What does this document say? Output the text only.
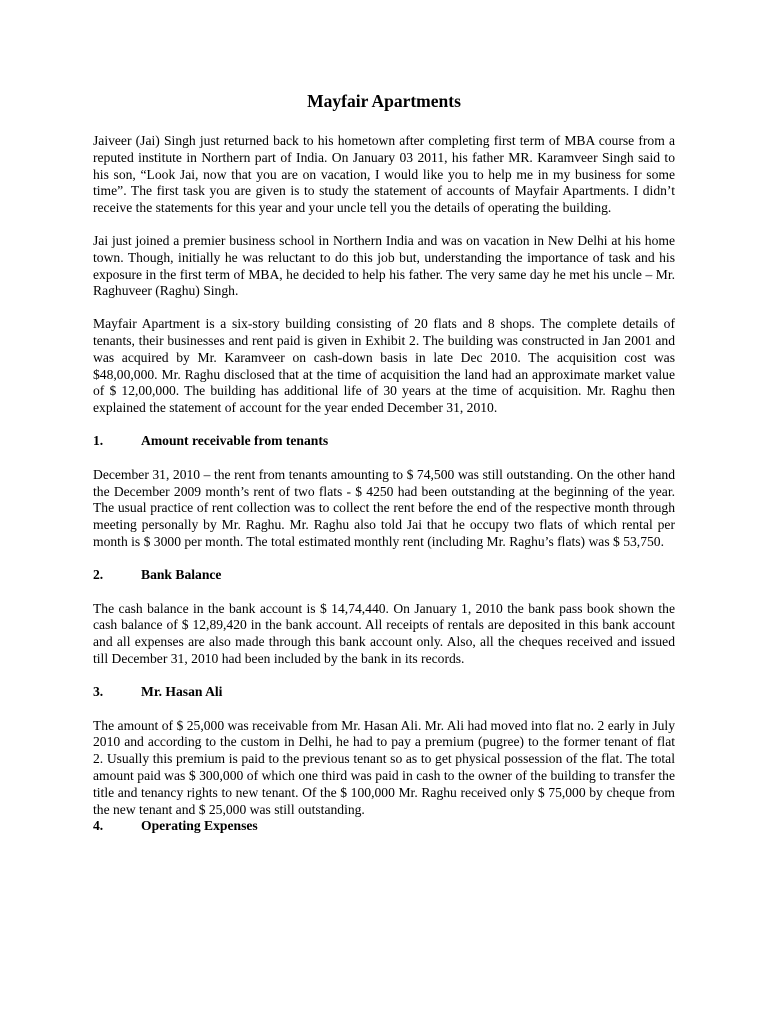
Mayfair Apartments

Jaiveer (Jai) Singh just returned back to his hometown after completing first term of MBA course from a reputed institute in Northern part of India. On January 03 2011, his father MR. Karamveer Singh said to his son, “Look Jai, now that you are on vacation, I would like you to help me in my business for some time”. The first task you are given is to study the statement of accounts of Mayfair Apartments. I didn’t receive the statements for this year and your uncle tell you the details of operating the building.

Jai just joined a premier business school in Northern India and was on vacation in New Delhi at his home town. Though, initially he was reluctant to do this job but, understanding the importance of task and his exposure in the first term of MBA, he decided to help his father. The very same day he met his uncle – Mr. Raghuveer (Raghu) Singh.

Mayfair Apartment is a six-story building consisting of 20 flats and 8 shops. The complete details of tenants, their businesses and rent paid is given in Exhibit 2. The building was constructed in Jan 2001 and was acquired by Mr. Karamveer on cash-down basis in late Dec 2010. The acquisition cost was $48,00,000. Mr. Raghu disclosed that at the time of acquisition the land had an approximate market value of $ 12,00,000. The building has additional life of 30 years at the time of acquisition. Mr. Raghu then explained the statement of account for the year ended December 31, 2010.

1.	Amount receivable from tenants

December 31, 2010 – the rent from tenants amounting to $ 74,500 was still outstanding. On the other hand the December 2009 month’s rent of two flats - $ 4250 had been outstanding at the beginning of the year. The usual practice of rent collection was to collect the rent before the end of the respective month through meeting personally by Mr. Raghu. Mr. Raghu also told Jai that he occupy two flats of which rental per month is $ 3000 per month. The total estimated monthly rent (including Mr. Raghu’s flats) was $ 53,750.

2.	Bank Balance

The cash balance in the bank account is $ 14,74,440. On January 1, 2010 the bank pass book shown the cash balance of $ 12,89,420 in the bank account. All receipts of rentals are deposited in this bank account and all expenses are also made through this bank account only. Also, all the cheques received and issued till December 31, 2010 had been included by the bank in its records.

3.	Mr. Hasan Ali

The amount of $ 25,000 was receivable from Mr. Hasan Ali. Mr. Ali had moved into flat no. 2 early in July 2010 and according to the custom in Delhi, he had to pay a premium (pugree) to the former tenant of flat 2. Usually this premium is paid to the previous tenant so as to get physical possession of the flat. The total amount paid was $ 300,000 of which one third was paid in cash to the owner of the building to transfer the title and tenancy rights to new tenant. Of the $ 100,000 Mr. Raghu received only $ 75,000 by cheque from the new tenant and $ 25,000 was still outstanding.

4.	Operating Expenses
